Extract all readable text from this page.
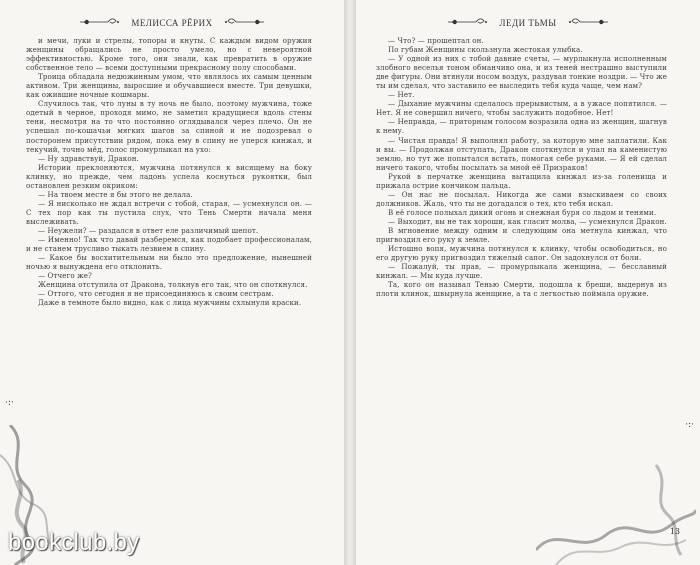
МЕЛИССА РЁРИХ

и мечи, луки и стрелы, топоры и кнуты. С каждым видом оружия женщины обращались не просто умело, но с невероятной эффективностью. Кроме того, они знали, как превратить в оружие собственное тело — всеми доступными прекрасному полу способами.

Троица обладала недюжинным умом, что являлось их самым ценным активом. Три женщины, выросшие и обучавшиеся вместе. Три девушки, как ожившие ночные кошмары.

Случилось так, что луны в ту ночь не было, поэтому мужчина, тоже одетый в черное, проходя мимо, не заметил крадущиеся вдоль стены тени, несмотря на то что постоянно оглядывался через плечо. Он не успешал по-кошачьи мягких шагов за спиной и не подозревал о посторонем присутствии рядом, пока ему в спину не уперся кинжал, и текучий, точно мёд, голос промурлыкал на ухо:

— Ну здравствуй, Дракон.

Истории преклоняются, мужчина потянулся к висящему на боку клинку, но прежде, чем ладонь успела коснуться рукоятки, был остановлен резким окриком:

— На твоем месте я бы этого не делала.

— Я нисколько не ждал встречи с тобой, старая, — усмехнулся он. — С тех пор как ты пустила слух, что Тень Смерти начала меня выслеживать.

— Неужели? — раздался в ответ еле различимый шепот.

— Именно! Так что давай разберемся, как подобает профессионалам, и не станем трусливо тыкать лезвием в спину.

— Какое бы восхитительным ни было это предложение, нынешней ночью я вынуждена его отклонить.

— Отчего же?

Женщина отступила от Дракона, толкнув его так, что он споткнулся.

— Оттого, что сегодня я не присоединяюсь к своим сестрам.

Даже в темноте было видно, как с лица мужчины схлынули краски.

·:·
bookclub.by
ЛЕДИ ТЬМЫ

— Что? — прошептал он.

По губам Женщины скользнула жестокая улыбка.

— У одной из них с тобой давние счеты, — мурлыкнула исполненным злобного веселья тоном обманчиво она, и из теней нестрашно выступили две фигуры. Они втянули носом воздух, раздувая тонкие ноздри. — Что же ты им сделал, что заставило ее выследить тебя куда чаще, чем нам?

— Нет.

— Дыхание мужчины сделалось прерывистым, а в ужасе попятился. — Нет. Я не совершил ничего, чтобы заслужить подобное. Нет!

— Неправда, — приторным голосом возразила одна из женщин, шагнув к нему.

— Чистая правда! Я выполнял работу, за которую мне заплатили. Как и вы. — Продолжая отступать, Дракон споткнулся и упал на каменистую землю, но тут же попытался встать, помогая себе руками. — Я ей сделал ничего такого, чтобы посылать за мной её Призраков!

Рукой в перчатке женщина вытащила кинжал из-за голенища и прижала острие кончиком пальца.

— Он нас не посылал. Никогда же сами взыскиваем со своих должников. Жаль, что ты не догадался о тех, кто тебя искал.

В её голосе полыхал дикий огонь и снежная буря со льдом и тенями.

— Выходит, вы не так хороши, как гласит молва, — усмехнулся Дракон.

В мгновение между одним и следующим она метнула кинжал, что пригвоздил его руку к земле.

Истошно вопя, мужчина потянулся к клинку, чтобы освободиться, но его другую руку пригвоздил тяжелый сапог. Он задохнулся от боли.

— Пожалуй, ты прав, — промурлыкала женщина, — бесславный кинжал. — Мы куда лучше.

Та, кого он называл Тенью Смерти, подошла к бреши, выдернув из плоти клинок, швырнула женщине, а та с легкостью поймала оружие.

·:·
13
